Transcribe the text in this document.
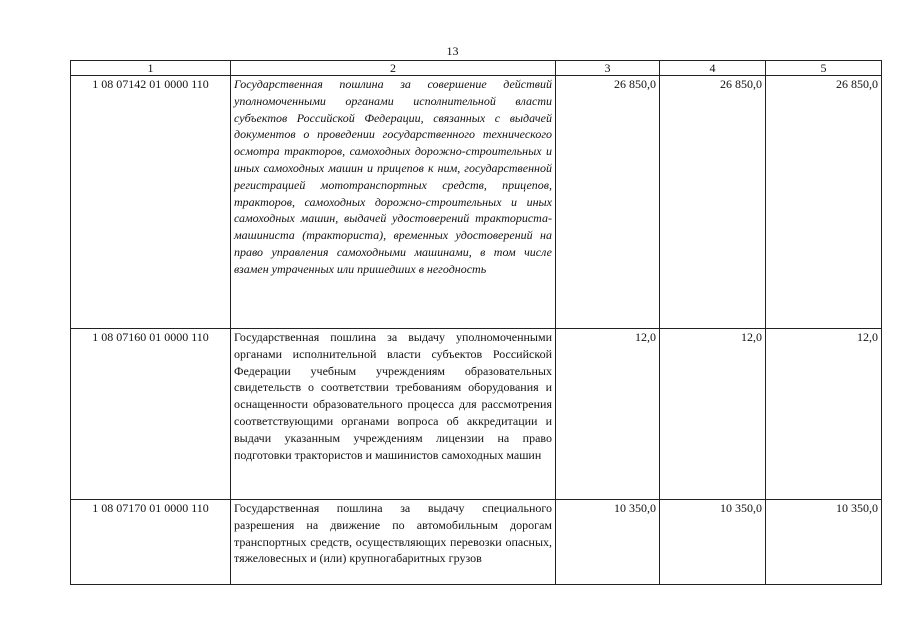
13
1	2	3	4	5
1 08 07142 01 0000 110	Государственная пошлина за совершение действий уполномоченными органами исполнительной власти субъектов Российской Федерации, связанных с выдачей документов о проведении государственного технического осмотра тракторов, самоходных дорожно-строительных и иных самоходных машин и прицепов к ним, государственной регистрацией мототранспортных средств, прицепов, тракторов, самоходных дорожно-строительных и иных самоходных машин, выдачей удостоверений тракториста-машиниста (тракториста), временных удостоверений на право управления самоходными машинами, в том числе взамен утраченных или пришедших в негодность	26 850,0	26 850,0	26 850,0
1 08 07160 01 0000 110	Государственная пошлина за выдачу уполномоченными органами исполнительной власти субъектов Российской Федерации учебным учреждениям образовательных свидетельств о соответствии требованиям оборудования и оснащенности образовательного процесса для рассмотрения соответствующими органами вопроса об аккредитации и выдачи указанным учреждениям лицензии на право подготовки трактористов и машинистов самоходных машин	12,0	12,0	12,0
1 08 07170 01 0000 110	Государственная пошлина за выдачу специального разрешения на движение по автомобильным дорогам транспортных средств, осуществляющих перевозки опасных, тяжеловесных и (или) крупногабаритных грузов	10 350,0	10 350,0	10 350,0
